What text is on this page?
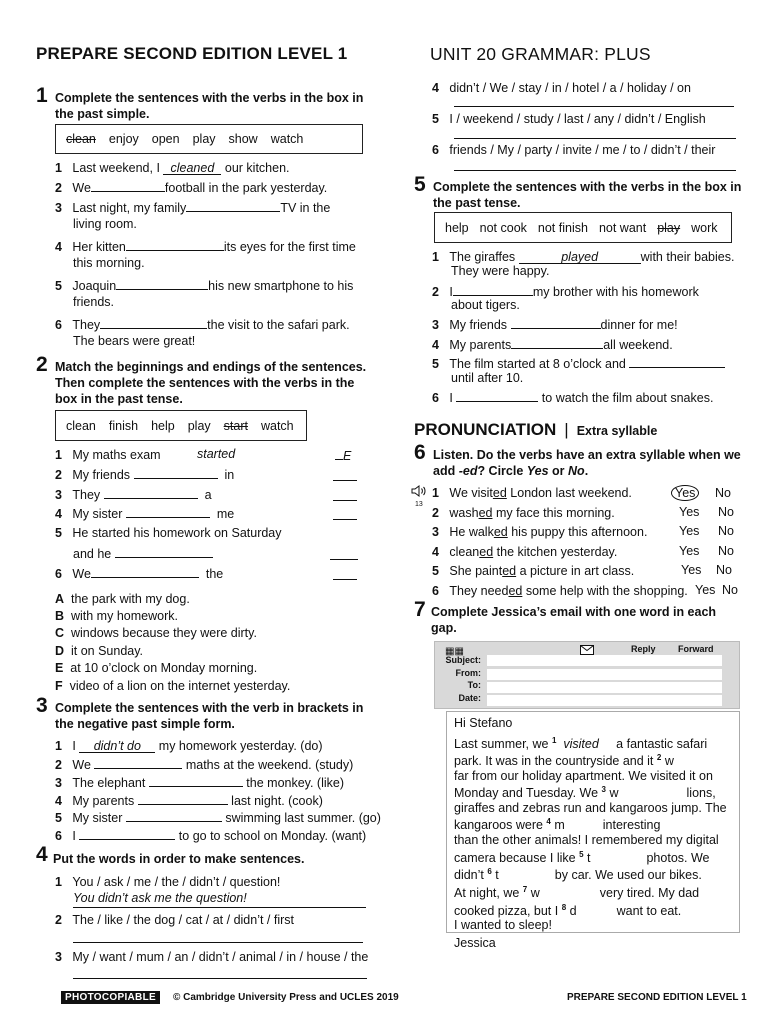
PREPARE SECOND EDITION LEVEL 1	UNIT 20 GRAMMAR: PLUS
1 Complete the sentences with the verbs in the box in the past simple.
clean enjoy open play show watch
1 Last weekend, I cleaned our kitchen.
2 We	football in the park yesterday.
3 Last night, my family	TV in the
living room.
4 Her kitten	its eyes for the first time
this morning.
5 Joaquin	his new smartphone to his
friends.
6 They	the visit to the safari park.
The bears were great!
2 Match the beginnings and endings of the sentences. Then complete the sentences with the verbs in the box in the past tense.
clean finish help play start watch
1 My maths exam	started	E
2 My friends	in
3 They	a
4 My sister	me
5 He started his homework on Saturday
and he
6 We	the
A the park with my dog.
B with my homework.
C windows because they were dirty.
D it on Sunday.
E at 10 o’clock on Monday morning.
F video of a lion on the internet yesterday.
3 Complete the sentences with the verb in brackets in the negative past simple form.
1 I didn’t do my homework yesterday. (do)
2 We	maths at the weekend. (study)
3 The elephant	the monkey. (like)
4 My parents	last night. (cook)
5 My sister	swimming last summer. (go)
6 I	to go to school on Monday. (want)
4 Put the words in order to make sentences.
1 You / ask / me / the / didn’t / question!
You didn’t ask me the question!
2 The / like / the dog / cat / at / didn’t / first
3 My / want / mum / an / didn’t / animal / in / house / the
4 didn’t / We / stay / in / hotel / a / holiday / on
5 I / weekend / study / last / any / didn’t / English
6 friends / My / party / invite / me / to / didn’t / their
5 Complete the sentences with the verbs in the box in the past tense.
help not cook not finish not want play work
1 The giraffes	played	with their babies.
They were happy.
2 I	my brother with his homework
about tigers.
3 My friends	dinner for me!
4 My parents	all weekend.
5 The film started at 8 o’clock and
until after 10.
6 I	to watch the film about snakes.
PRONUNCIATION | Extra syllable
6 Listen. Do the verbs have an extra syllable when we add -ed? Circle Yes or No.
13
1 We visited London last weekend.	Yes	No
2 washed my face this morning.	Yes No
3 He walked his puppy this afternoon.	Yes No
4 cleaned the kitchen yesterday.	Yes No
5 She painted a picture in art class.	Yes No
6 They needed some help with the shopping. Yes No
7 Complete Jessica’s email with one word in each gap.
▦▦	Reply Forward
Subject:
From:
To:
Date:
Hi Stefano
Last summer, we $^1$ visited     a fantastic safari
park. It was in the countryside and it $^2$ w
far from our holiday apartment. We visited it on
Monday and Tuesday. We $^3$ w	lions,
giraffes and zebras run and kangaroos jump. The
kangaroos were $^4$ m	interesting
than the other animals! I remembered my digital
camera because I like $^5$ t	photos. We
didn’t $^6$ t	by car. We used our bikes.
At night, we $^7$ w	very tired. My dad
cooked pizza, but I $^8$ d	want to eat.
I wanted to sleep!
Jessica
PHOTOCOPIABLE	© Cambridge University Press and UCLES 2019	PREPARE SECOND EDITION LEVEL 1
